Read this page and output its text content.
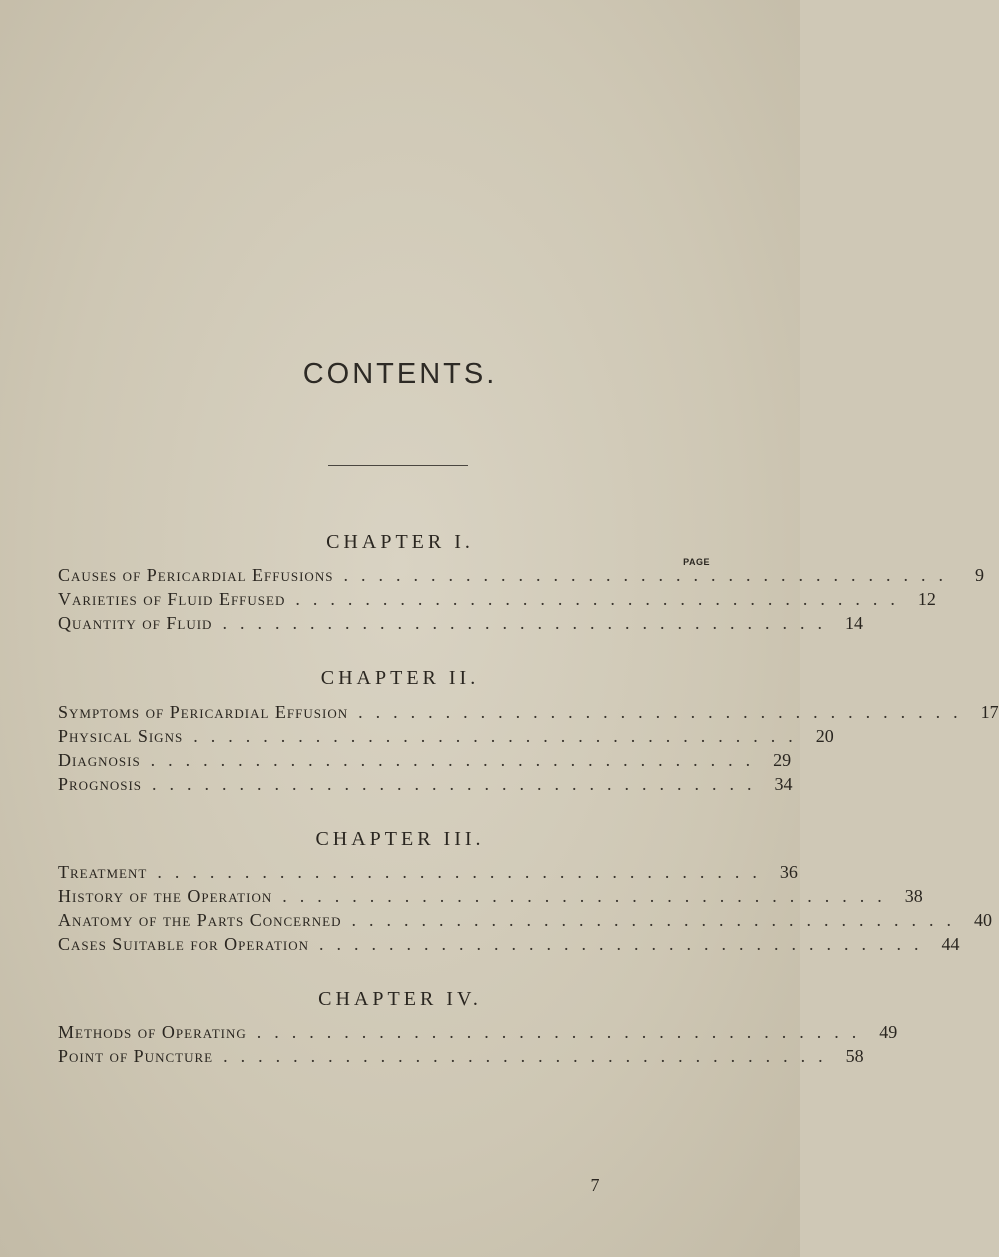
CONTENTS.
CHAPTER I.
PAGE
Causes of Pericardial Effusions ...................................	9
Varieties of Fluid Effused ................................... 12
Quantity of Fluid ................................... 14
CHAPTER II.
Symptoms of Pericardial Effusion ................................... 17
Physical Signs ................................... 20
Diagnosis ................................... 29
Prognosis ................................... 34
CHAPTER III.
Treatment ................................... 36
History of the Operation ................................... 38
Anatomy of the Parts Concerned ................................... 40
Cases Suitable for Operation ................................... 44
CHAPTER IV.
Methods of Operating ................................... 49
Point of Puncture ................................... 58
7
